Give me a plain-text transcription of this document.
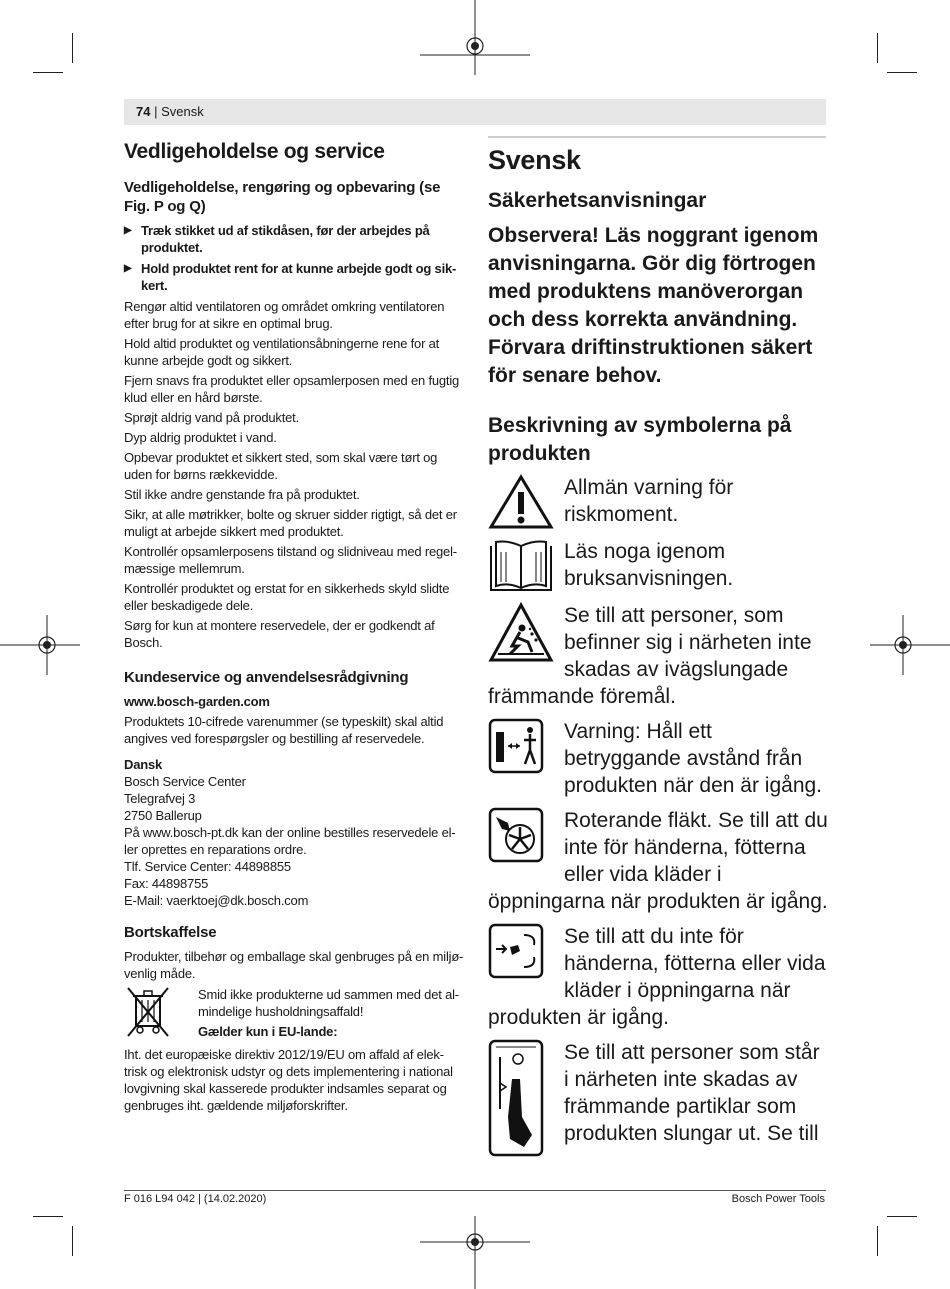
74 | Svensk
Vedligeholdelse og service
Vedligeholdelse, rengøring og opbevaring (se Fig. P og Q)
▶ Træk stikket ud af stikdåsen, før der arbejdes på produktet.
▶ Hold produktet rent for at kunne arbejde godt og sik-kert.
Rengør altid ventilatoren og området omkring ventilatoren efter brug for at sikre en optimal brug.
Hold altid produktet og ventilationsåbningerne rene for at kunne arbejde godt og sikkert.
Fjern snavs fra produktet eller opsamlerposen med en fugtig klud eller en hård børste.
Sprøjt aldrig vand på produktet.
Dyp aldrig produktet i vand.
Opbevar produktet et sikkert sted, som skal være tørt og uden for børns rækkevidde.
Stil ikke andre genstande fra på produktet.
Sikr, at alle møtrikker, bolte og skruer sidder rigtigt, så det er muligt at arbejde sikkert med produktet.
Kontrollér opsamlerposens tilstand og slidniveau med regel-mæssige mellemrum.
Kontrollér produktet og erstat for en sikkerheds skyld slidte eller beskadigede dele.
Sørg for kun at montere reservedele, der er godkendt af Bosch.
Kundeservice og anvendelsesrådgivning
www.bosch-garden.com
Produktets 10-cifrede varenummer (se typeskilt) skal altid angives ved forespørgsler og bestilling af reservedele.
Dansk
Bosch Service Center
Telegrafvej 3
2750 Ballerup
På www.bosch-pt.dk kan der online bestilles reservedele el-ler oprettes en reparations ordre.
Tlf. Service Center: 44898855
Fax: 44898755
E-Mail: vaerktoej@dk.bosch.com
Bortskaffelse
Produkter, tilbehør og emballage skal genbruges på en miljø-venlig måde.
Smid ikke produkterne ud sammen med det al-mindelige husholdningsaffald!
Gælder kun i EU-lande:
Iht. det europæiske direktiv 2012/19/EU om affald af elek-trisk og elektronisk udstyr og dets implementering i national lovgivning skal kasserede produkter indsamles separat og genbruges iht. gældende miljøforskrifter.
Svensk
Säkerhetsanvisningar
Observera! Läs noggrant igenom anvisningarna. Gör dig förtrogen med produktens manöverorgan och dess korrekta användning. Förvara driftinstruktionen säkert för senare behov.
Beskrivning av symbolerna på produkten
Allmän varning för riskmoment.
Läs noga igenom bruksanvisningen.
Se till att personer, som befinner sig i närheten inte skadas av ivägslungade främmande föremål.
Varning: Håll ett betryggande avstånd från produkten när den är igång.
Roterande fläkt. Se till att du inte för händerna, fötterna eller vida kläder i öppningarna när produkten är igång.
Se till att du inte för händerna, fötterna eller vida kläder i öppningarna när produkten är igång.
Se till att personer som står i närheten inte skadas av främmande partiklar som produkten slungar ut. Se till
F 016 L94 042 | (14.02.2020)	Bosch Power Tools
